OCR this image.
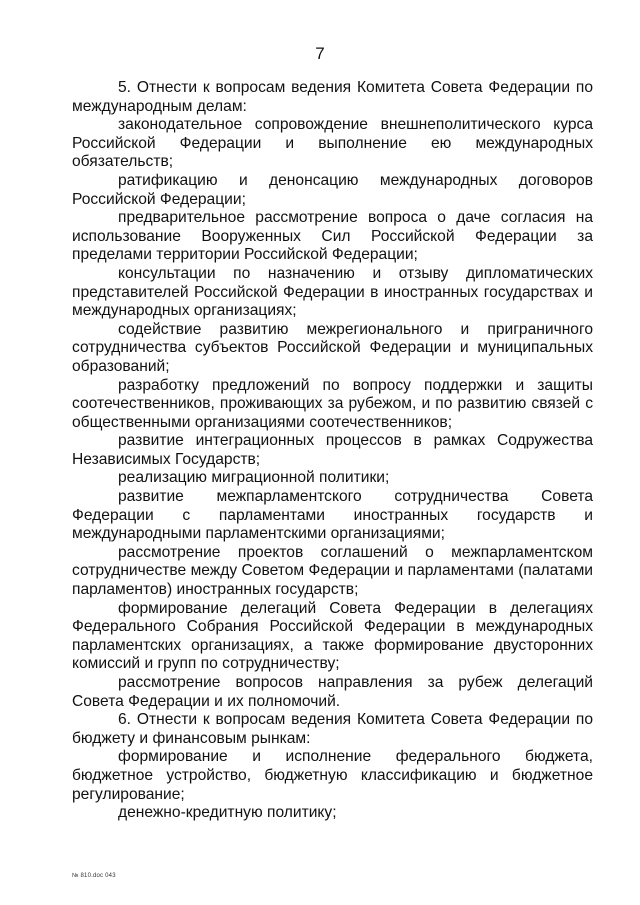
7

5. Отнести к вопросам ведения Комитета Совета Федерации по международным делам:

законодательное сопровождение внешнеполитического курса Российской Федерации и выполнение ею международных обязательств;

ратификацию и денонсацию международных договоров Российской Федерации;

предварительное рассмотрение вопроса о даче согласия на использование Вооруженных Сил Российской Федерации за пределами территории Российской Федерации;

консультации по назначению и отзыву дипломатических представителей Российской Федерации в иностранных государствах и международных организациях;

содействие развитию межрегионального и приграничного сотрудничества субъектов Российской Федерации и муниципальных образований;

разработку предложений по вопросу поддержки и защиты соотечественников, проживающих за рубежом, и по развитию связей с общественными организациями соотечественников;

развитие интеграционных процессов в рамках Содружества Независимых Государств;

реализацию миграционной политики;

развитие межпарламентского сотрудничества Совета Федерации с парламентами иностранных государств и международными парламентскими организациями;

рассмотрение проектов соглашений о межпарламентском сотрудничестве между Советом Федерации и парламентами (палатами парламентов) иностранных государств;

формирование делегаций Совета Федерации в делегациях Федерального Собрания Российской Федерации в международных парламентских организациях, а также формирование двусторонних комиссий и групп по сотрудничеству;

рассмотрение вопросов направления за рубеж делегаций Совета Федерации и их полномочий.

6. Отнести к вопросам ведения Комитета Совета Федерации по бюджету и финансовым рынкам:

формирование и исполнение федерального бюджета, бюджетное устройство, бюджетную классификацию и бюджетное регулирование;

денежно-кредитную политику;

№ 810.doc 043
